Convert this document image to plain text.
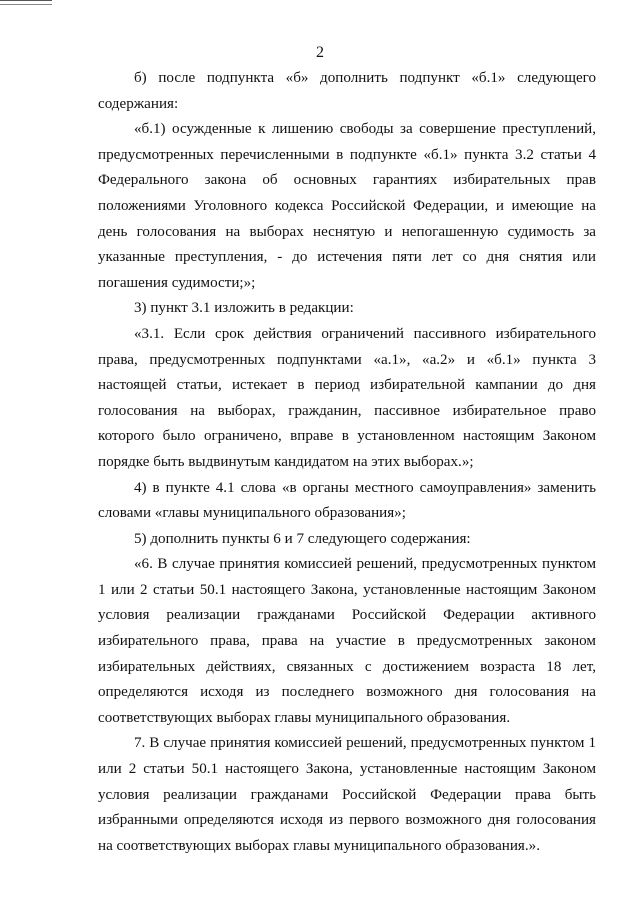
2

б) после подпункта «б» дополнить подпункт «б.1» следующего содержания:

«б.1) осужденные к лишению свободы за совершение преступлений, предусмотренных перечисленными в подпункте «б.1» пункта 3.2 статьи 4 Федерального закона об основных гарантиях избирательных прав положениями Уголовного кодекса Российской Федерации, и имеющие на день голосования на выборах неснятую и непогашенную судимость за указанные преступления, - до истечения пяти лет со дня снятия или погашения судимости;»;

3) пункт 3.1 изложить в редакции:

«3.1. Если срок действия ограничений пассивного избирательного права, предусмотренных подпунктами «а.1», «а.2» и «б.1» пункта 3 настоящей статьи, истекает в период избирательной кампании до дня голосования на выборах, гражданин, пассивное избирательное право которого было ограничено, вправе в установленном настоящим Законом порядке быть выдвинутым кандидатом на этих выборах.»;

4) в пункте 4.1 слова «в органы местного самоуправления» заменить словами «главы муниципального образования»;

5) дополнить пункты 6 и 7 следующего содержания:

«6. В случае принятия комиссией решений, предусмотренных пунктом 1 или 2 статьи 50.1 настоящего Закона, установленные настоящим Законом условия реализации гражданами Российской Федерации активного избирательного права, права на участие в предусмотренных законом избирательных действиях, связанных с достижением возраста 18 лет, определяются исходя из последнего возможного дня голосования на соответствующих выборах главы муниципального образования.

7. В случае принятия комиссией решений, предусмотренных пунктом 1 или 2 статьи 50.1 настоящего Закона, установленные настоящим Законом условия реализации гражданами Российской Федерации права быть избранными определяются исходя из первого возможного дня голосования на соответствующих выборах главы муниципального образования.».
